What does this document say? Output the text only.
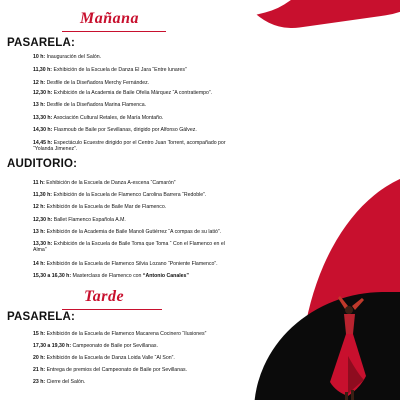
Mañana
PASARELA:
10 h: Inauguración del Salón.
11,30 h: Exhibición de la Escuela de Danza El Jara “Entre lunares”
12 h: Desfile de la Diseñadora Merchy Fernández.
12,30 h: Exhibición de la Academia de Baile Ofelia Márquez “A contratiempo”.
13 h: Desfile de la Diseñadora Marina Flamenca.
13,30 h: Asociación Cultural Retales, de María Montaño.
14,30 h: Flasmoub de Baile por Sevillanas, dirigido por Alfonso Gálvez.
14,45 h: Espectáculo Ecuestre dirigido por el Centro Juan Torrent, acompañado por
“Yolanda Jimenez”.
AUDITORIO:
11 h: Exhibición de la Escuela de Danza A-escena “Camarón”
11,30 h: Exhibición de la Escuela de Flamenco Carolina Barrera “Redoble”.
12 h: Exhibición de la Escuela de Baile Mar de Flamenco.
12,30 h: Ballet Flamenco Española A.M.
13 h: Exhibición de la Academia de Baile Manoli Gutiérrez “A compas de su latió”.
13,30 h: Exhibición de la Escuela de Baile Toma que Toma “ Con el Flamenco en el
Alma”
14 h: Exhibición de la Escuela de Flamenco Silvia Lozano “Poniente Flamenco”.
15,30 a 16,30 h: Masterclass de Flamenco con “Antonio Canales”
Tarde
PASARELA:
15 h: Exhibición de la Escuela de Flamenco Macarena Cocinero “Ilusiones”
17,30 a 19,30 h: Campeonato de Baile por Sevillanas.
20 h: Exhibición de la Escuela de Danza Loida Valle “Al Son”.
21 h: Entrega de premios del Campeonato de Baile por Sevillanas.
23 h: Cierre del Salón.
